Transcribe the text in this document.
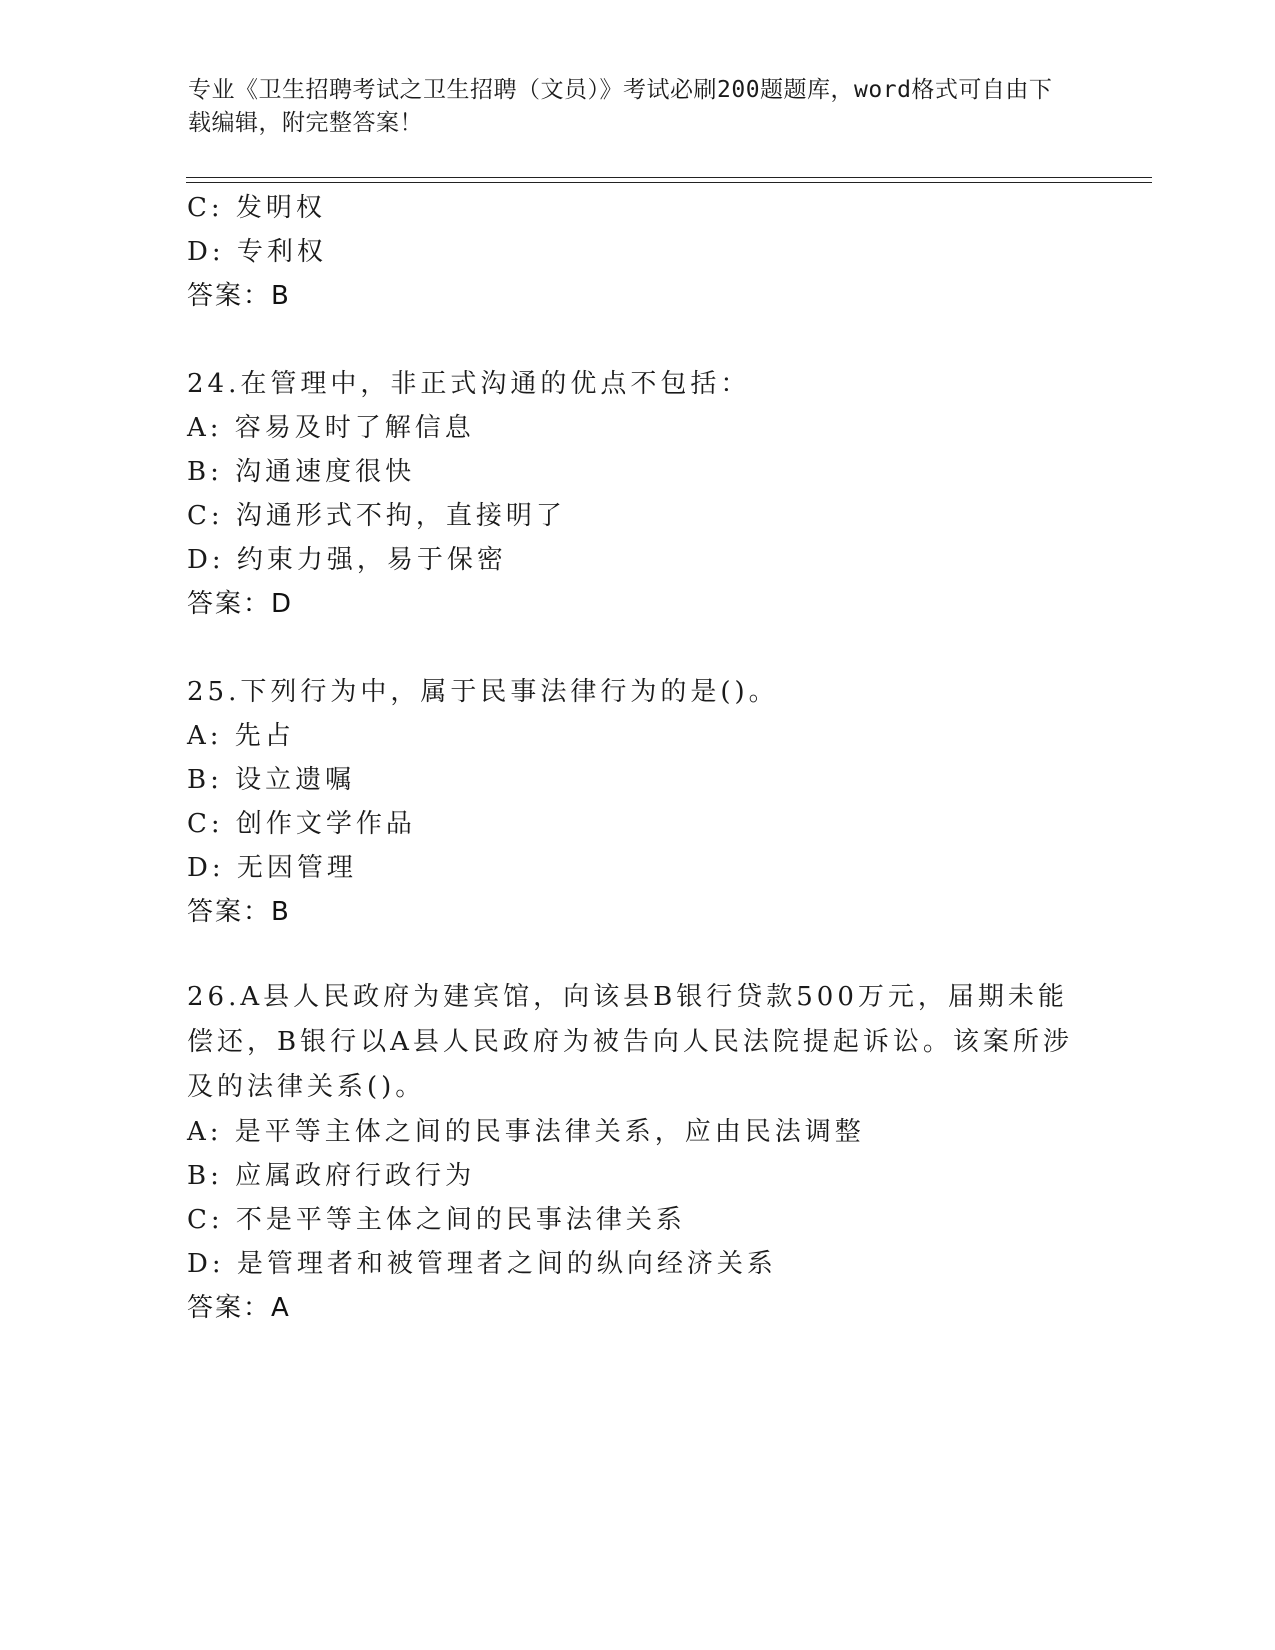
专业《卫生招聘考试之卫生招聘（文员）》考试必刷200题题库，word格式可自由下载编辑，附完整答案！
C: 发明权
D: 专利权
答案：B
24.在管理中，非正式沟通的优点不包括：
A: 容易及时了解信息
B: 沟通速度很快
C: 沟通形式不拘，直接明了
D: 约束力强，易于保密
答案：D
25.下列行为中，属于民事法律行为的是()。
A: 先占
B: 设立遗嘱
C: 创作文学作品
D: 无因管理
答案：B
26.A县人民政府为建宾馆，向该县B银行贷款500万元，届期未能偿还，B银行以A县人民政府为被告向人民法院提起诉讼。该案所涉及的法律关系()。
A: 是平等主体之间的民事法律关系，应由民法调整
B: 应属政府行政行为
C: 不是平等主体之间的民事法律关系
D: 是管理者和被管理者之间的纵向经济关系
答案：A
